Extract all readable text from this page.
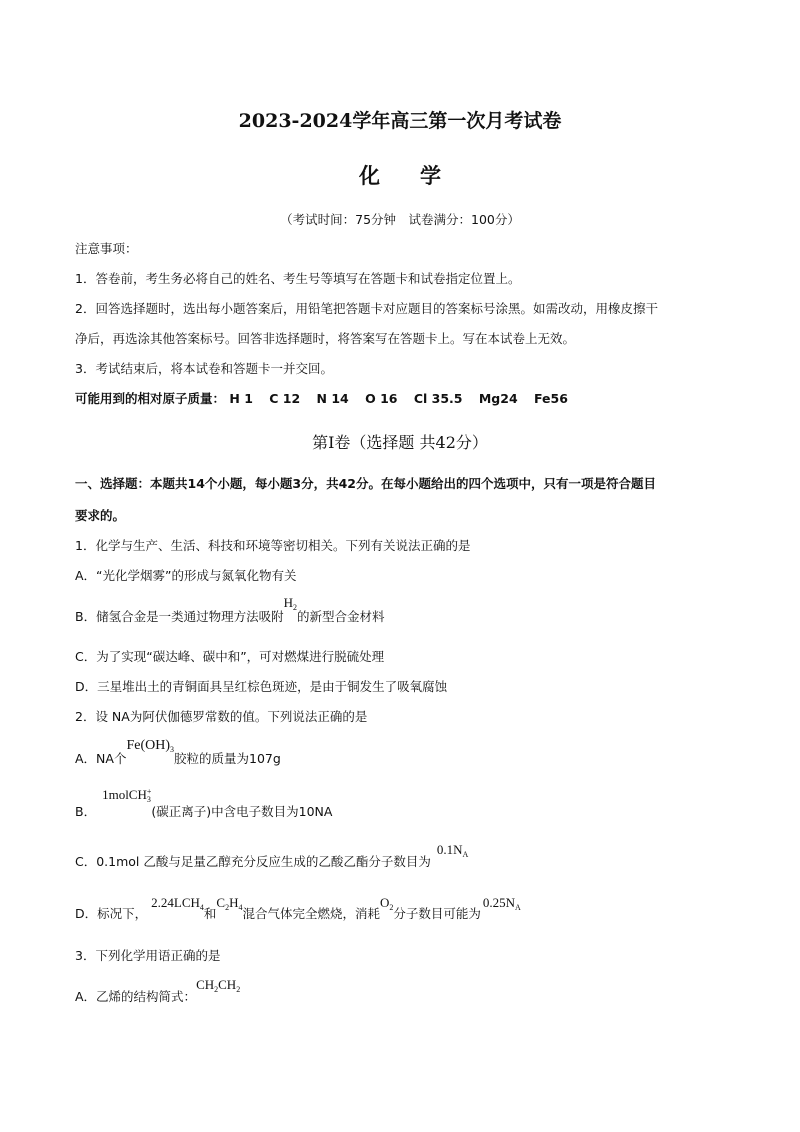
2023-2024学年高三第一次月考试卷
化学
（考试时间：75分钟　试卷满分：100分）
注意事项：
1．答卷前，考生务必将自己的姓名、考生号等填写在答题卡和试卷指定位置上。
2．回答选择题时，选出每小题答案后，用铅笔把答题卡对应题目的答案标号涂黑。如需改动，用橡皮擦干
净后，再选涂其他答案标号。回答非选择题时，将答案写在答题卡上。写在本试卷上无效。
3．考试结束后，将本试卷和答题卡一并交回。
可能用到的相对原子质量： H 1 C 12 N 14 O 16 Cl 35.5 Mg24 Fe56
第Ⅰ卷（选择题 共42分）
一、选择题：本题共14个小题，每小题3分，共42分。在每小题给出的四个选项中，只有一项是符合题目
要求的。
1．化学与生产、生活、科技和环境等密切相关。下列有关说法正确的是
A．“光化学烟雾”的形成与氮氧化物有关
B．储氢合金是一类通过物理方法吸附$H_2$的新型合金材料
C．为了实现“碳达峰、碳中和”，可对燃煤进行脱硫处理
D．三星堆出土的青铜面具呈红棕色斑迹，是由于铜发生了吸氧腐蚀
2．设 NA为阿伏伽德罗常数的值。下列说法正确的是
A．NA个$Fe(OH)_3$胶粒的质量为107g
B．1molCH$_3$+(碳正离子)中含电子数目为10NA
C．0.1mol 乙酸与足量乙醇充分反应生成的乙酸乙酯分子数目为$0.1N_A$
D．标况下，$2.24LCH_4$和$C_2H_4$混合气体完全燃烧，消耗$O_2$分子数目可能为$0.25N_A$
3．下列化学用语正确的是
A．乙烯的结构简式：$CH_2CH_2$
